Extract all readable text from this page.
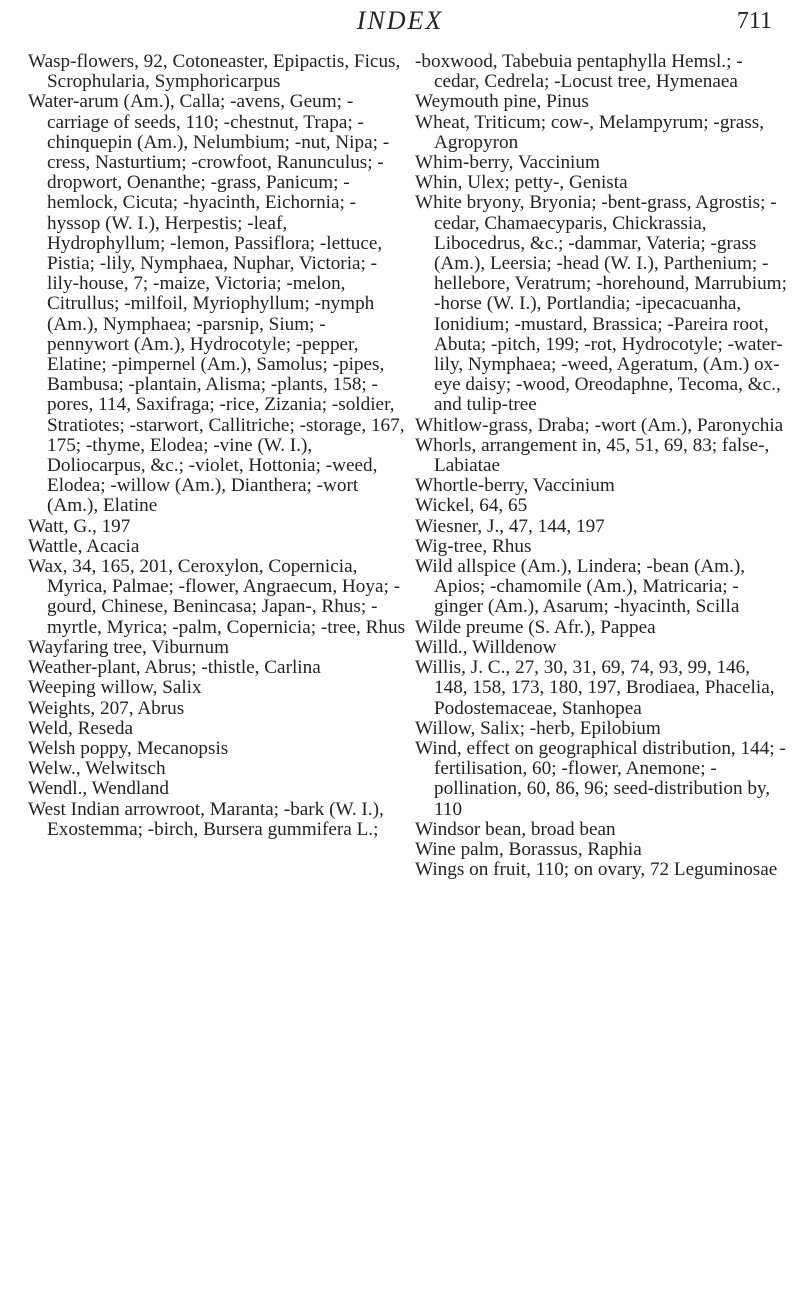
INDEX	711

Wasp-flowers, 92, Cotoneaster, Epipactis, Ficus, Scrophularia, Symphoricarpus

Water-arum (Am.), Calla; -avens, Geum; -carriage of seeds, 110; -chestnut, Trapa; -chinquepin (Am.), Nelumbium; -nut, Nipa; -cress, Nasturtium; -crowfoot, Ranunculus; -dropwort, Oenanthe; -grass, Panicum; -hemlock, Cicuta; -hyacinth, Eichornia; -hyssop (W. I.), Herpestis; -leaf, Hydrophyllum; -lemon, Passiflora; -lettuce, Pistia; -lily, Nymphaea, Nuphar, Victoria; -lily-house, 7; -maize, Victoria; -melon, Citrullus; -milfoil, Myriophyllum; -nymph (Am.), Nymphaea; -parsnip, Sium; -pennywort (Am.), Hydrocotyle; -pepper, Elatine; -pimpernel (Am.), Samolus; -pipes, Bambusa; -plantain, Alisma; -plants, 158; -pores, 114, Saxifraga; -rice, Zizania; -soldier, Stratiotes; -starwort, Callitriche; -storage, 167, 175; -thyme, Elodea; -vine (W. I.), Doliocarpus, &c.; -violet, Hottonia; -weed, Elodea; -willow (Am.), Dianthera; -wort (Am.), Elatine

Watt, G., 197

Wattle, Acacia

Wax, 34, 165, 201, Ceroxylon, Copernicia, Myrica, Palmae; -flower, Angraecum, Hoya; -gourd, Chinese, Benincasa; Japan-, Rhus; -myrtle, Myrica; -palm, Copernicia; -tree, Rhus

Wayfaring tree, Viburnum

Weather-plant, Abrus; -thistle, Carlina

Weeping willow, Salix

Weights, 207, Abrus

Weld, Reseda

Welsh poppy, Mecanopsis

Welw., Welwitsch

Wendl., Wendland

West Indian arrowroot, Maranta; -bark (W. I.), Exostemma; -birch, Bursera gummifera L.;

-boxwood, Tabebuia pentaphylla Hemsl.; -cedar, Cedrela; -Locust tree, Hymenaea

Weymouth pine, Pinus

Wheat, Triticum; cow-, Melampyrum; -grass, Agropyron

Whim-berry, Vaccinium

Whin, Ulex; petty-, Genista

White bryony, Bryonia; -bent-grass, Agrostis; -cedar, Chamaecyparis, Chickrassia, Libocedrus, &c.; -dammar, Vateria; -grass (Am.), Leersia; -head (W. I.), Parthenium; -hellebore, Veratrum; -horehound, Marrubium; -horse (W. I.), Portlandia; -ipecacuanha, Ionidium; -mustard, Brassica; -Pareira root, Abuta; -pitch, 199; -rot, Hydrocotyle; -water-lily, Nymphaea; -weed, Ageratum, (Am.) ox-eye daisy; -wood, Oreodaphne, Tecoma, &c., and tulip-tree

Whitlow-grass, Draba; -wort (Am.), Paronychia

Whorls, arrangement in, 45, 51, 69, 83; false-, Labiatae

Whortle-berry, Vaccinium

Wickel, 64, 65

Wiesner, J., 47, 144, 197

Wig-tree, Rhus

Wild allspice (Am.), Lindera; -bean (Am.), Apios; -chamomile (Am.), Matricaria; -ginger (Am.), Asarum; -hyacinth, Scilla

Wilde preume (S. Afr.), Pappea

Willd., Willdenow

Willis, J. C., 27, 30, 31, 69, 74, 93, 99, 146, 148, 158, 173, 180, 197, Brodiaea, Phacelia, Podostemaceae, Stanhopea

Willow, Salix; -herb, Epilobium

Wind, effect on geographical distribution, 144; -fertilisation, 60; -flower, Anemone; -pollination, 60, 86, 96; seed-distribution by, 110

Windsor bean, broad bean

Wine palm, Borassus, Raphia

Wings on fruit, 110; on ovary, 72 Leguminosae
